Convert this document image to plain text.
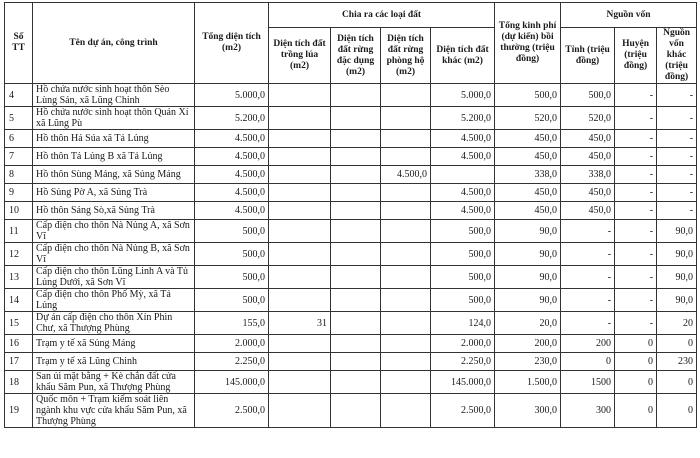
Số TT	Tên dự án, công trình	Tổng diện tích (m2)	Chia ra các loại đất				Tổng kinh phí (dự kiến) bồi thường (triệu đồng)	Nguồn vốn		
			Diện tích đất trồng lúa (m2)	Diện tích đất rừng đặc dụng (m2)	Diện tích đất rừng phòng hộ (m2)	Diện tích đất khác (m2)		Tỉnh (triệu đồng)	Huyện (triệu đồng)	Nguồn vốn khác (triệu đồng)
4	Hồ chứa nước sinh hoạt thôn Sèo Lùng Sán, xã Lũng Chinh	5.000,0				5.000,0	500,0	500,0	-	-
5	Hồ chứa nước sinh hoạt thôn Quán Xí xã Lũng Pù	5.200,0				5.200,0	520,0	520,0	-	-
6	Hồ thôn Há Súa xã Tả Lủng	4.500,0				4.500,0	450,0	450,0	-	-
7	Hồ thôn Tả Lủng B xã Tả Lủng	4.500,0				4.500,0	450,0	450,0	-	-
8	Hồ thôn Sùng Máng, xã Sủng Máng	4.500,0			4.500,0		338,0	338,0	-	-
9	Hồ Sủng Pờ A, xã Sủng Trà	4.500,0				4.500,0	450,0	450,0	-	-
10	Hồ thôn Sảng Sò,xã Sủng Trà	4.500,0				4.500,0	450,0	450,0	-	-
11	Cấp điện cho thôn Nà Nủng A, xã Sơn Vĩ	500,0				500,0	90,0	-	-	90,0
12	Cấp điện cho thôn Nà Nủng B, xã Sơn Vĩ	500,0				500,0	90,0	-	-	90,0
13	Cấp điện cho thôn Lũng Linh A và Tủ Lủng Dưới, xã Sơn Vĩ	500,0				500,0	90,0	-	-	90,0
14	Cấp điện cho thôn Phố Mỳ, xã Tả Lủng	500,0				500,0	90,0	-	-	90,0
15	Dự án cấp điện cho thôn Xín Phìn Chư, xã Thượng Phùng	155,0	31			124,0	20,0	-	-	20
16	Trạm y tế xã Sủng Máng	2.000,0				2.000,0	200,0	200	0	0
17	Trạm y tế xã Lũng Chinh	2.250,0				2.250,0	230,0	0	0	230
18	San ủi mặt bằng + Kè chắn đất cửa khẩu Săm Pun, xã Thượng Phùng	145.000,0				145.000,0	1.500,0	1500	0	0
19	Quốc môn + Trạm kiểm soát liên ngành khu vực cửa khẩu Săm Pun, xã Thượng Phùng	2.500,0				2.500,0	300,0	300	0	0
